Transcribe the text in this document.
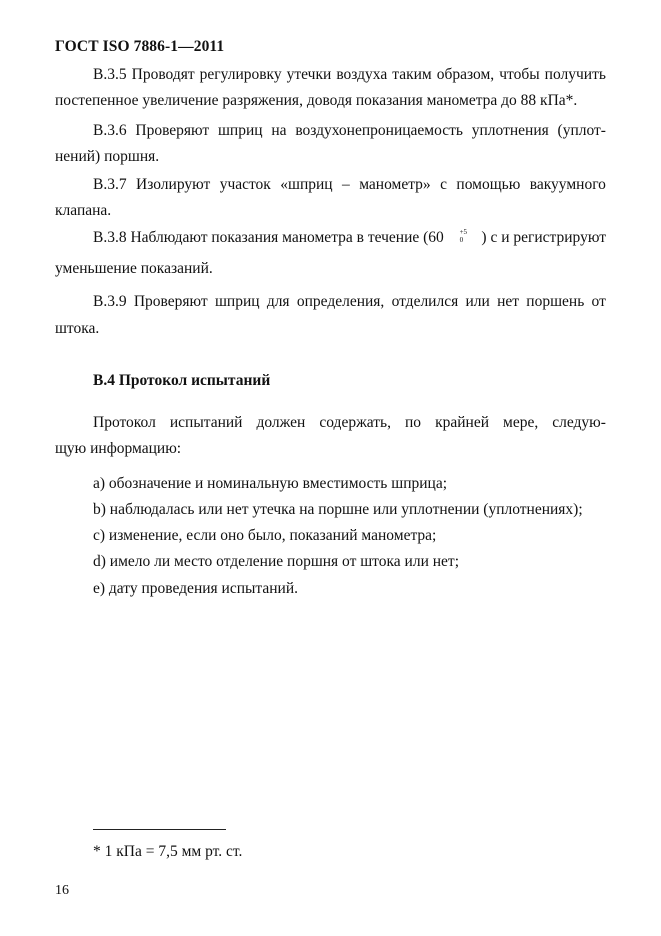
ГОСТ ISO 7886-1—2011
B.3.5 Проводят регулировку утечки воздуха таким образом, чтобы получить
постепенное увеличение разряжения, доводя показания манометра до 88 кПа*.
B.3.6 Проверяют шприц на воздухонепроницаемость уплотнения (уплот-
нений) поршня.
B.3.7 Изолируют участок «шприц – манометр» с помощью вакуумного
клапана.
B.3.8 Наблюдают показания манометра в течение (60 +5
0 ) с и регистрируют
уменьшение показаний.
B.3.9 Проверяют шприц для определения, отделился или нет поршень от
штока.
B.4 Протокол испытаний
Протокол испытаний должен содержать, по крайней мере, следую-
щую информацию:
a) обозначение и номинальную вместимость шприца;
b) наблюдалась или нет утечка на поршне или уплотнении (уплотнениях);
c) изменение, если оно было, показаний манометра;
d) имело ли место отделение поршня от штока или нет;
e) дату проведения испытаний.
* 1 кПа = 7,5 мм рт. ст.
16
